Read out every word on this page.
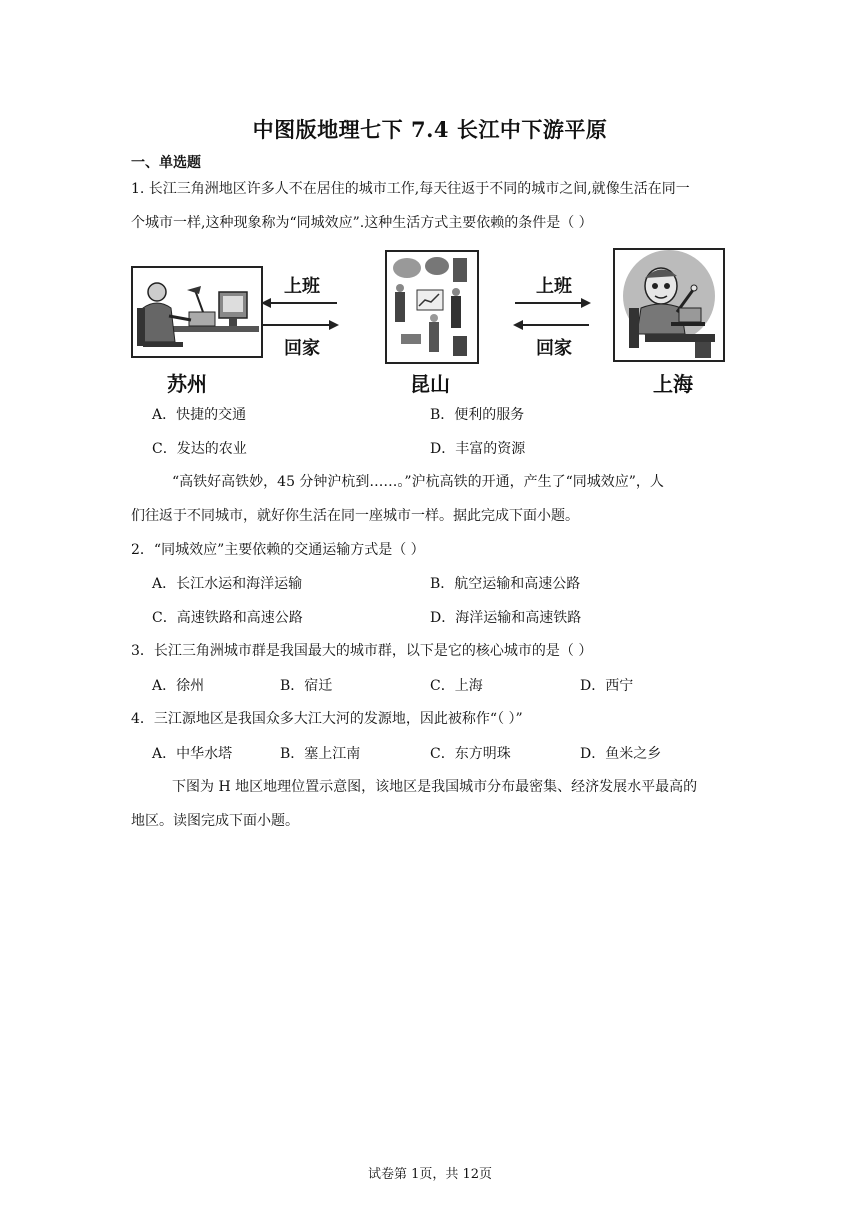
中图版地理七下 7.4 长江中下游平原
一、单选题
1. 长江三角洲地区许多人不在居住的城市工作,每天往返于不同的城市之间,就像生活在同一
个城市一样,这种现象称为“同城效应”.这种生活方式主要依赖的条件是（ ）
上班
回家
上班
回家
苏州	昆山	上海
A．快捷的交通	B．便利的服务
C．发达的农业	D．丰富的资源
“高铁好高铁妙，45 分钟沪杭到……。”沪杭高铁的开通，产生了“同城效应”，人
们往返于不同城市，就好你生活在同一座城市一样。据此完成下面小题。
2．“同城效应”主要依赖的交通运输方式是（ ）
A．长江水运和海洋运输	B．航空运输和高速公路
C．高速铁路和高速公路	D．海洋运输和高速铁路
3．长江三角洲城市群是我国最大的城市群，以下是它的核心城市的是（ ）
A．徐州	B．宿迁	C．上海	D．西宁
4．三江源地区是我国众多大江大河的发源地，因此被称作“（ ）”
A．中华水塔	B．塞上江南	C．东方明珠	D．鱼米之乡
下图为 H 地区地理位置示意图，该地区是我国城市分布最密集、经济发展水平最高的
地区。读图完成下面小题。
试卷第 1页，共 12页
